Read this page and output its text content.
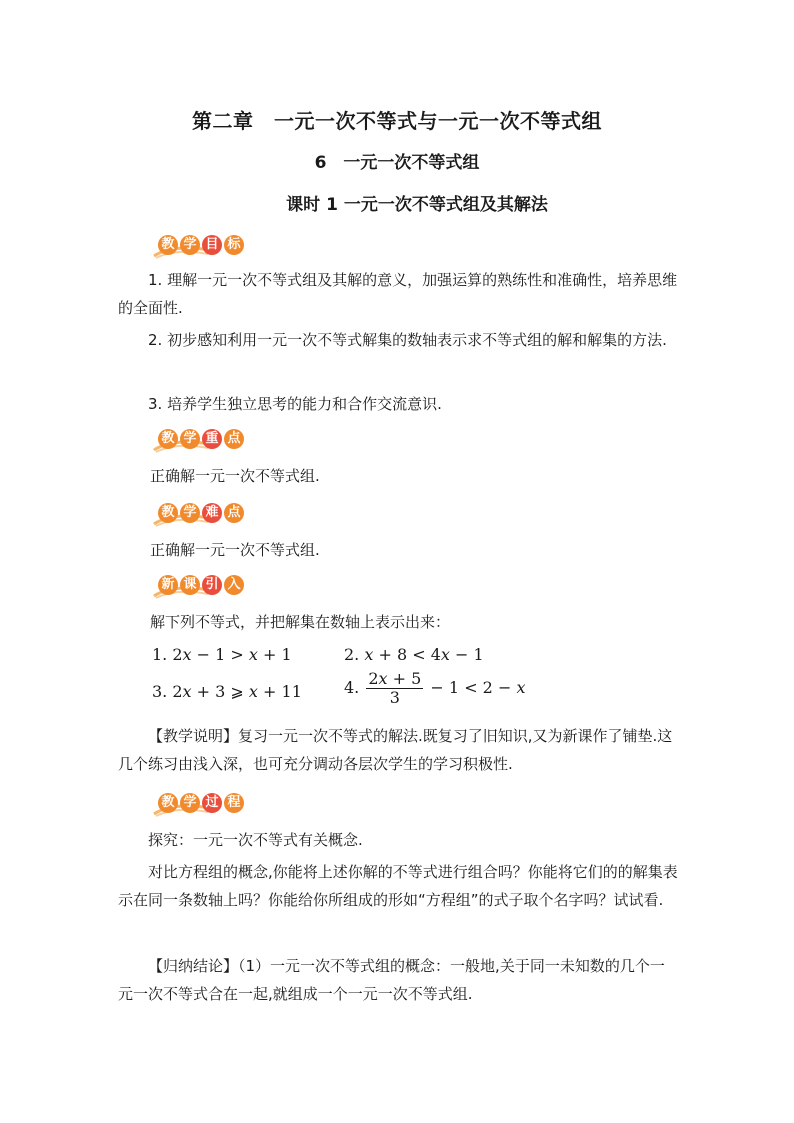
第二章　一元一次不等式与一元一次不等式组
6　一元一次不等式组
课时 1 一元一次不等式组及其解法
教 学 目 标
1. 理解一元一次不等式组及其解的意义，加强运算的熟练性和准确性，培养思维的全面性.
2. 初步感知利用一元一次不等式解集的数轴表示求不等式组的解和解集的方法.
3. 培养学生独立思考的能力和合作交流意识.
教 学 重 点
正确解一元一次不等式组.
教 学 难 点
正确解一元一次不等式组.
新 课 引 入
解下列不等式，并把解集在数轴上表示出来：
1. 2x − 1 > x + 1	2. x + 8 < 4x − 1
3. 2x + 3 ⩾ x + 11	4. $\frac{2x + 5}{3} - 1 < 2 - x$
【教学说明】复习一元一次不等式的解法.既复习了旧知识,又为新课作了铺垫.这几个练习由浅入深，也可充分调动各层次学生的学习积极性.
教 学 过 程
探究：一元一次不等式有关概念.
对比方程组的概念,你能将上述你解的不等式进行组合吗？你能将它们的的解集表示在同一条数轴上吗？你能给你所组成的形如“方程组”的式子取个名字吗？试试看.
【归纳结论】（1）一元一次不等式组的概念：一般地,关于同一未知数的几个一元一次不等式合在一起,就组成一个一元一次不等式组.
